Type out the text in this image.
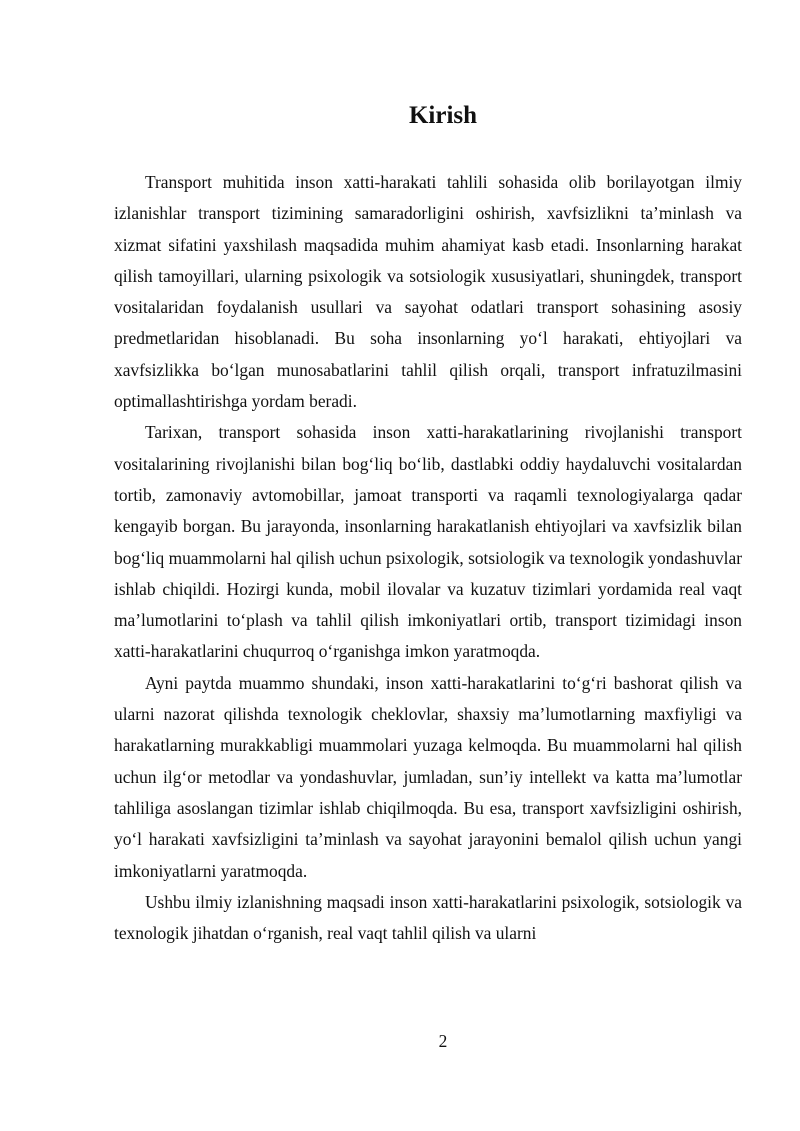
Kirish

Transport muhitida inson xatti-harakati tahlili sohasida olib borilayotgan ilmiy izlanishlar transport tizimining samaradorligini oshirish, xavfsizlikni ta’minlash va xizmat sifatini yaxshilash maqsadida muhim ahamiyat kasb etadi. Insonlarning harakat qilish tamoyillari, ularning psixologik va sotsiologik xususiyatlari, shuningdek, transport vositalaridan foydalanish usullari va sayohat odatlari transport sohasining asosiy predmetlaridan hisoblanadi. Bu soha insonlarning yo‘l harakati, ehtiyojlari va xavfsizlikka bo‘lgan munosabatlarini tahlil qilish orqali, transport infratuzilmasini optimallashtirishga yordam beradi.

Tarixan, transport sohasida inson xatti-harakatlarining rivojlanishi transport vositalarining rivojlanishi bilan bog‘liq bo‘lib, dastlabki oddiy haydaluvchi vositalardan tortib, zamonaviy avtomobillar, jamoat transporti va raqamli texnologiyalarga qadar kengayib borgan. Bu jarayonda, insonlarning harakatlanish ehtiyojlari va xavfsizlik bilan bog‘liq muammolarni hal qilish uchun psixologik, sotsiologik va texnologik yondashuvlar ishlab chiqildi. Hozirgi kunda, mobil ilovalar va kuzatuv tizimlari yordamida real vaqt ma’lumotlarini to‘plash va tahlil qilish imkoniyatlari ortib, transport tizimidagi inson xatti-harakatlarini chuqurroq o‘rganishga imkon yaratmoqda.

Ayni paytda muammo shundaki, inson xatti-harakatlarini to‘g‘ri bashorat qilish va ularni nazorat qilishda texnologik cheklovlar, shaxsiy ma’lumotlarning maxfiyligi va harakatlarning murakkabligi muammolari yuzaga kelmoqda. Bu muammolarni hal qilish uchun ilg‘or metodlar va yondashuvlar, jumladan, sun’iy intellekt va katta ma’lumotlar tahliliga asoslangan tizimlar ishlab chiqilmoqda. Bu esa, transport xavfsizligini oshirish, yo‘l harakati xavfsizligini ta’minlash va sayohat jarayonini bemalol qilish uchun yangi imkoniyatlarni yaratmoqda.

Ushbu ilmiy izlanishning maqsadi inson xatti-harakatlarini psixologik, sotsiologik va texnologik jihatdan o‘rganish, real vaqt tahlil qilish va ularni

2
